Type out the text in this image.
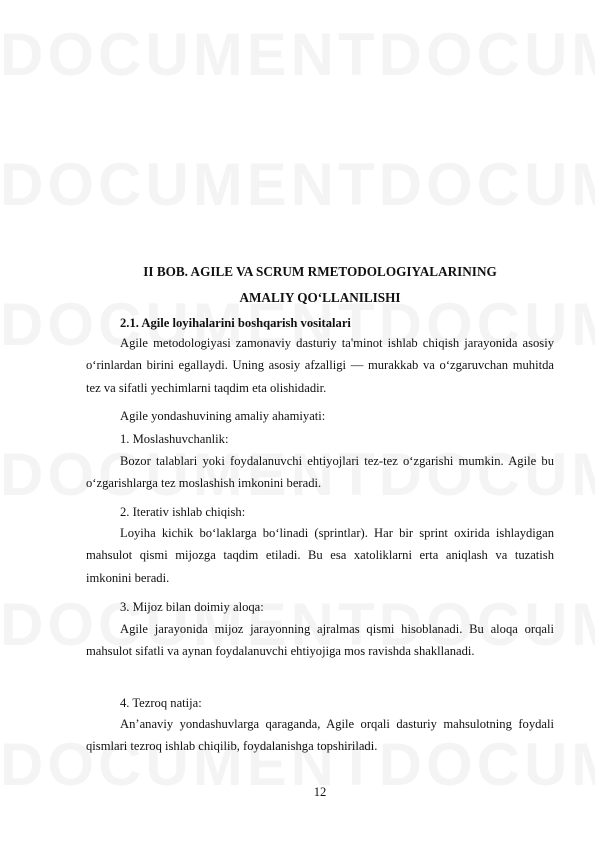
II BOB. AGILE VA SCRUM RMETODOLOGIYALARINING
AMALIY QO‘LLANILISHI
2.1. Agile loyihalarini boshqarish vositalari

Agile metodologiyasi zamonaviy dasturiy ta'minot ishlab chiqish jarayonida asosiy o‘rinlardan birini egallaydi. Uning asosiy afzalligi — murakkab va o‘zgaruvchan muhitda tez va sifatli yechimlarni taqdim eta olishidadir.

Agile yondashuvining amaliy ahamiyati:
1. Moslashuvchanlik:

Bozor talablari yoki foydalanuvchi ehtiyojlari tez-tez o‘zgarishi mumkin. Agile bu o‘zgarishlarga tez moslashish imkonini beradi.

2. Iterativ ishlab chiqish:

Loyiha kichik bo‘laklarga bo‘linadi (sprintlar). Har bir sprint oxirida ishlaydigan mahsulot qismi mijozga taqdim etiladi. Bu esa xatoliklarni erta aniqlash va tuzatish imkonini beradi.

3. Mijoz bilan doimiy aloqa:

Agile jarayonida mijoz jarayonning ajralmas qismi hisoblanadi. Bu aloqa orqali mahsulot sifatli va aynan foydalanuvchi ehtiyojiga mos ravishda shakllanadi.

4. Tezroq natija:

An’anaviy yondashuvlarga qaraganda, Agile orqali dasturiy mahsulotning foydali qismlari tezroq ishlab chiqilib, foydalanishga topshiriladi.

12
